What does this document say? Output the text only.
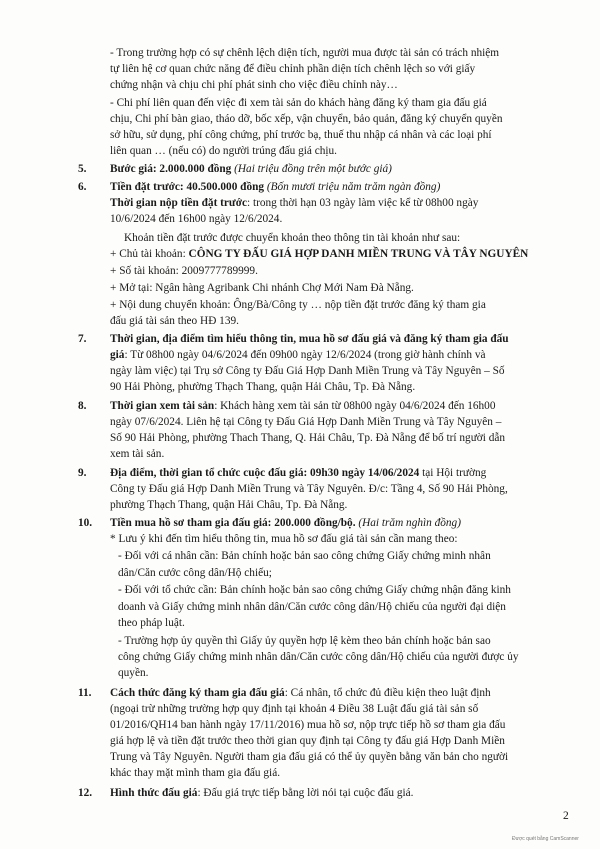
- Trong trường hợp có sự chênh lệch diện tích, người mua được tài sản có trách nhiệm
tự liên hệ cơ quan chức năng để điều chỉnh phần diện tích chênh lệch so với giấy
chứng nhận và chịu chi phí phát sinh cho việc điều chỉnh này…
- Chi phí liên quan đến việc đi xem tài sản do khách hàng đăng ký tham gia đấu giá
chịu, Chi phí bàn giao, tháo dỡ, bốc xếp, vận chuyển, bảo quản, đăng ký chuyển quyền
sở hữu, sử dụng, phí công chứng, phí trước bạ, thuế thu nhập cá nhân và các loại phí
liên quan … (nếu có) do người trúng đấu giá chịu.
5. Bước giá: 2.000.000 đồng (Hai triệu đồng trên một bước giá)
6. Tiền đặt trước: 40.500.000 đồng (Bốn mươi triệu năm trăm ngàn đồng)
Thời gian nộp tiền đặt trước: trong thời hạn 03 ngày làm việc kể từ 08h00 ngày
10/6/2024 đến 16h00 ngày 12/6/2024.
Khoản tiền đặt trước được chuyển khoản theo thông tin tài khoản như sau:
+ Chủ tài khoản: CÔNG TY ĐẤU GIÁ HỢP DANH MIỀN TRUNG VÀ TÂY NGUYÊN
+ Số tài khoản: 2009777789999.
+ Mở tại: Ngân hàng Agribank Chi nhánh Chợ Mới Nam Đà Nẵng.
+ Nội dung chuyển khoản: Ông/Bà/Công ty … nộp tiền đặt trước đăng ký tham gia
đấu giá tài sản theo HĐ 139.
7. Thời gian, địa điểm tìm hiểu thông tin, mua hồ sơ đấu giá và đăng ký tham gia đấu
giá: Từ 08h00 ngày 04/6/2024 đến 09h00 ngày 12/6/2024 (trong giờ hành chính và
ngày làm việc) tại Trụ sở Công ty Đấu Giá Hợp Danh Miền Trung và Tây Nguyên – Số
90 Hải Phòng, phường Thạch Thang, quận Hải Châu, Tp. Đà Nẵng.
8. Thời gian xem tài sản: Khách hàng xem tài sản từ 08h00 ngày 04/6/2024 đến 16h00
ngày 07/6/2024. Liên hệ tại Công ty Đấu Giá Hợp Danh Miền Trung và Tây Nguyên –
Số 90 Hải Phòng, phường Thach Thang, Q. Hải Châu, Tp. Đà Nẵng để bố trí người dẫn
xem tài sản.
9. Địa điểm, thời gian tổ chức cuộc đấu giá: 09h30 ngày 14/06/2024 tại Hội trường
Công ty Đấu giá Hợp Danh Miền Trung và Tây Nguyên. Đ/c: Tầng 4, Số 90 Hải Phòng,
phường Thạch Thang, quận Hải Châu, Tp. Đà Nẵng.
10. Tiền mua hồ sơ tham gia đấu giá: 200.000 đồng/bộ. (Hai trăm nghìn đồng)
* Lưu ý khi đến tìm hiểu thông tin, mua hồ sơ đấu giá tài sản cần mang theo:
- Đối với cá nhân cần: Bản chính hoặc bản sao công chứng Giấy chứng minh nhân
dân/Căn cước công dân/Hộ chiếu;
- Đối với tổ chức cần: Bản chính hoặc bản sao công chứng Giấy chứng nhận đăng kinh
doanh và Giấy chứng minh nhân dân/Căn cước công dân/Hộ chiếu của người đại diện
theo pháp luật.
- Trường hợp ủy quyền thì Giấy ủy quyền hợp lệ kèm theo bản chính hoặc bản sao
công chứng Giấy chứng minh nhân dân/Căn cước công dân/Hộ chiếu của người được ủy
quyền.
11. Cách thức đăng ký tham gia đấu giá: Cá nhân, tổ chức đủ điều kiện theo luật định
(ngoại trừ những trường hợp quy định tại khoản 4 Điều 38 Luật đấu giá tài sản số
01/2016/QH14 ban hành ngày 17/11/2016) mua hồ sơ, nộp trực tiếp hồ sơ tham gia đấu
giá hợp lệ và tiền đặt trước theo thời gian quy định tại Công ty đấu giá Hợp Danh Miền
Trung và Tây Nguyên. Người tham gia đấu giá có thể ủy quyền bằng văn bản cho người
khác thay mặt mình tham gia đấu giá.
12. Hình thức đấu giá: Đấu giá trực tiếp bằng lời nói tại cuộc đấu giá.
2
Được quét bằng CamScanner
